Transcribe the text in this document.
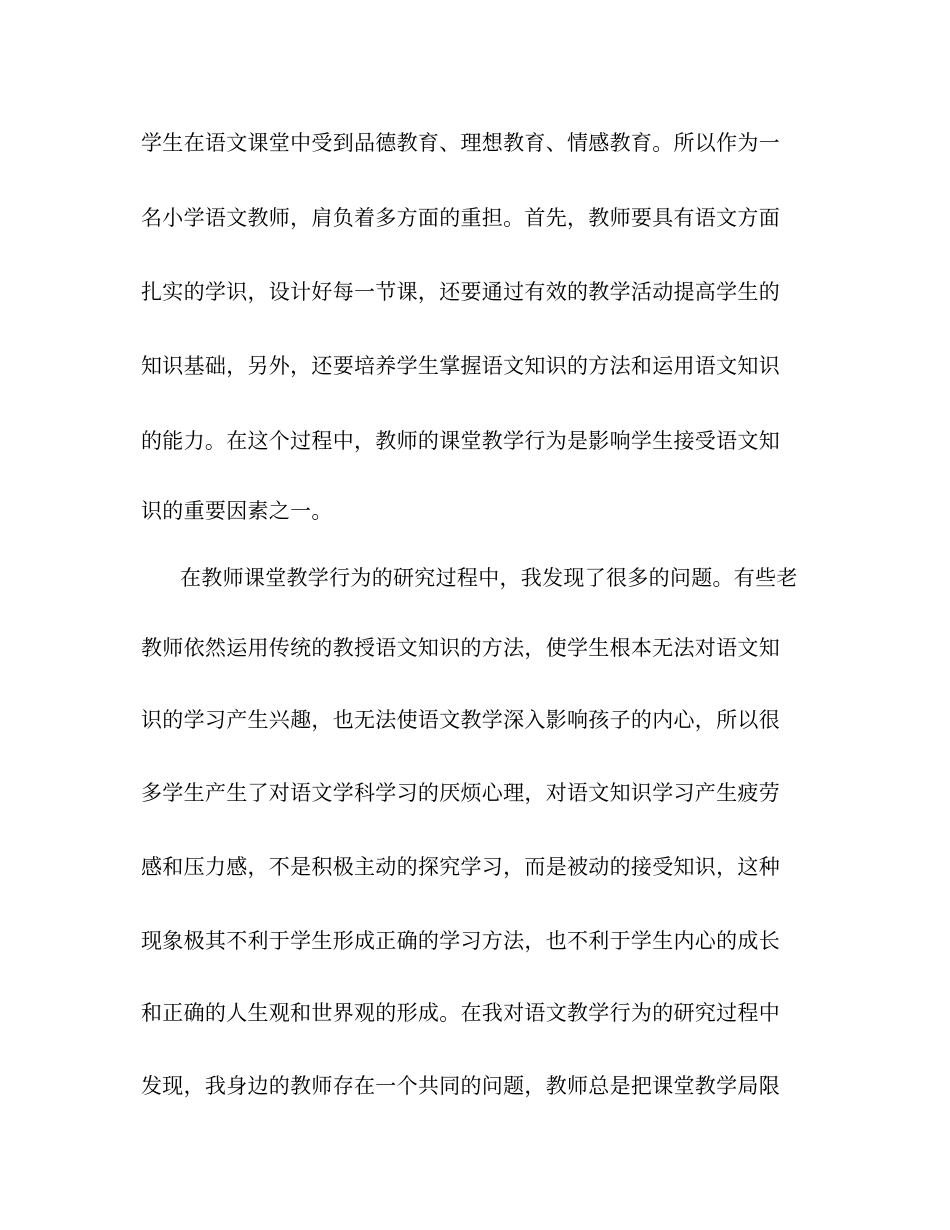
学生在语文课堂中受到品德教育、理想教育、情感教育。所以作为一
名小学语文教师，肩负着多方面的重担。首先，教师要具有语文方面
扎实的学识，设计好每一节课，还要通过有效的教学活动提高学生的
知识基础，另外，还要培养学生掌握语文知识的方法和运用语文知识
的能力。在这个过程中，教师的课堂教学行为是影响学生接受语文知
识的重要因素之一。
在教师课堂教学行为的研究过程中，我发现了很多的问题。有些老
教师依然运用传统的教授语文知识的方法，使学生根本无法对语文知
识的学习产生兴趣，也无法使语文教学深入影响孩子的内心，所以很
多学生产生了对语文学科学习的厌烦心理，对语文知识学习产生疲劳
感和压力感，不是积极主动的探究学习，而是被动的接受知识，这种
现象极其不利于学生形成正确的学习方法，也不利于学生内心的成长
和正确的人生观和世界观的形成。在我对语文教学行为的研究过程中
发现，我身边的教师存在一个共同的问题，教师总是把课堂教学局限
